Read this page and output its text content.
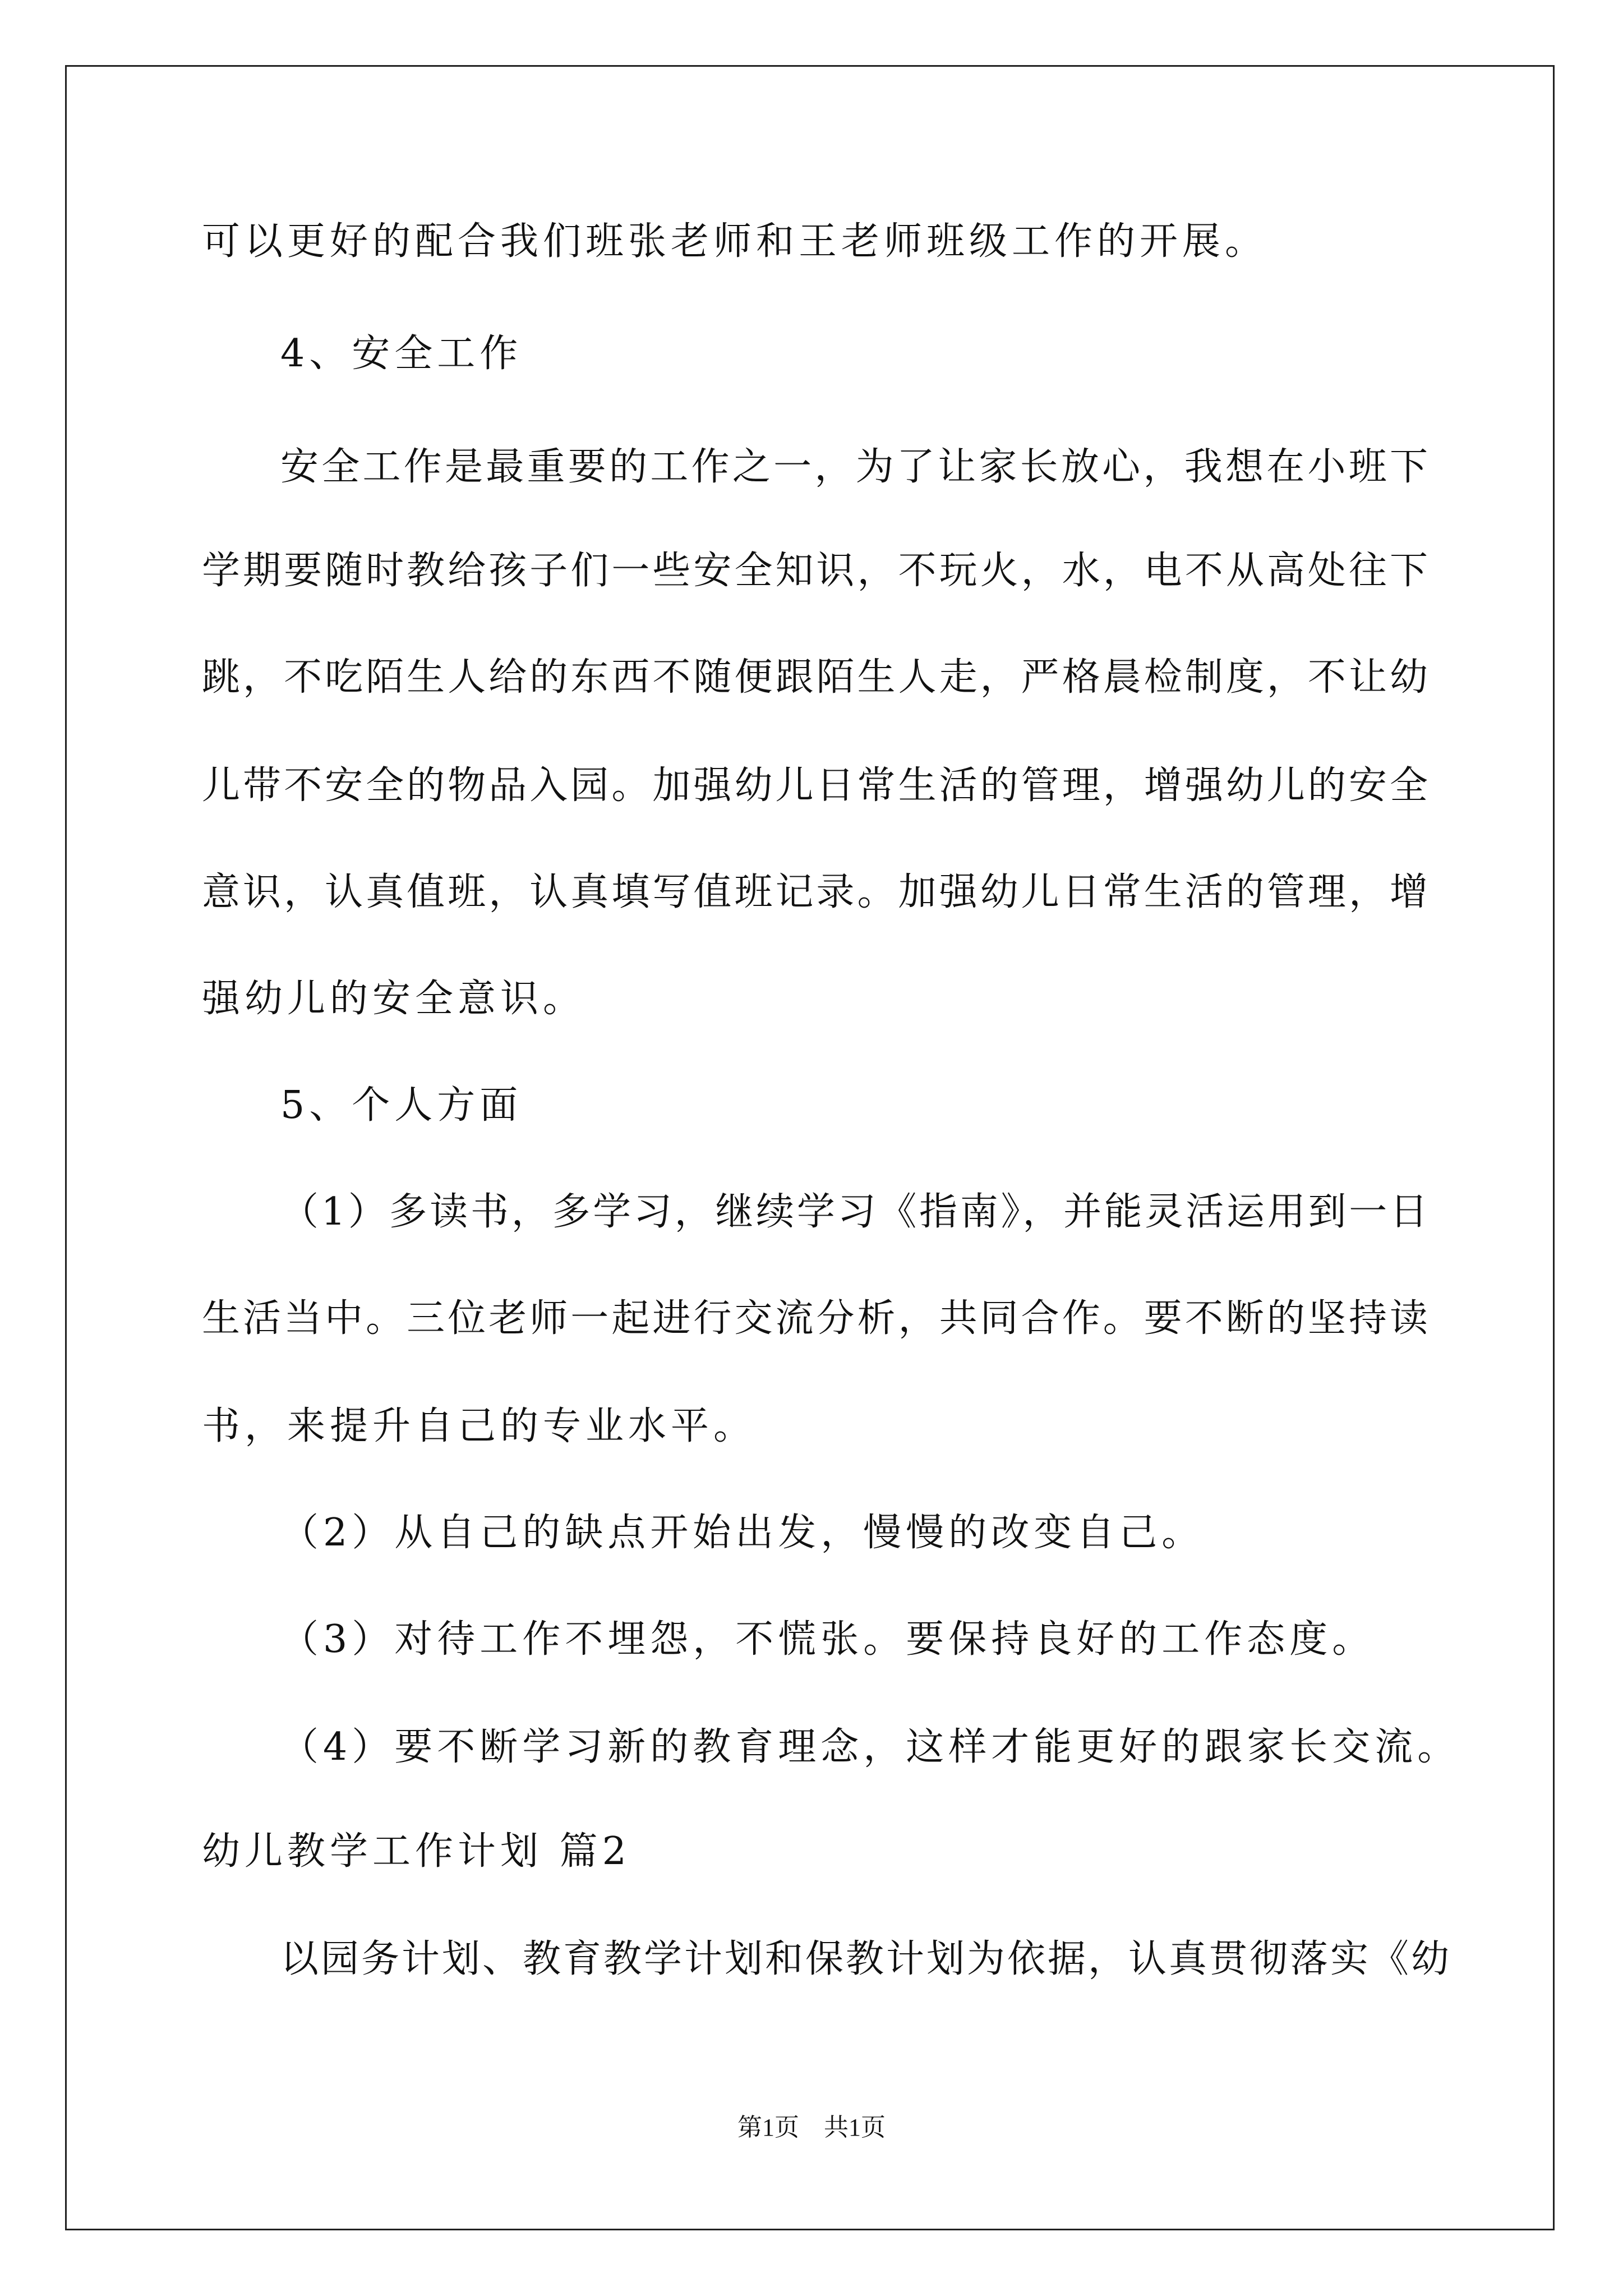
可以更好的配合我们班张老师和王老师班级工作的开展。
4、安全工作
安全工作是最重要的工作之一，为了让家长放心，我想在小班下
学期要随时教给孩子们一些安全知识，不玩火，水，电不从高处往下
跳，不吃陌生人给的东西不随便跟陌生人走，严格晨检制度，不让幼
儿带不安全的物品入园。加强幼儿日常生活的管理，增强幼儿的安全
意识，认真值班，认真填写值班记录。加强幼儿日常生活的管理，增
强幼儿的安全意识。
5、个人方面
（1）多读书，多学习，继续学习《指南》，并能灵活运用到一日
生活当中。三位老师一起进行交流分析，共同合作。要不断的坚持读
书，来提升自己的专业水平。
（2）从自己的缺点开始出发，慢慢的改变自己。
（3）对待工作不埋怨，不慌张。要保持良好的工作态度。
（4）要不断学习新的教育理念，这样才能更好的跟家长交流。
幼儿教学工作计划 篇2
以园务计划、教育教学计划和保教计划为依据，认真贯彻落实《幼
第1页　共1页
